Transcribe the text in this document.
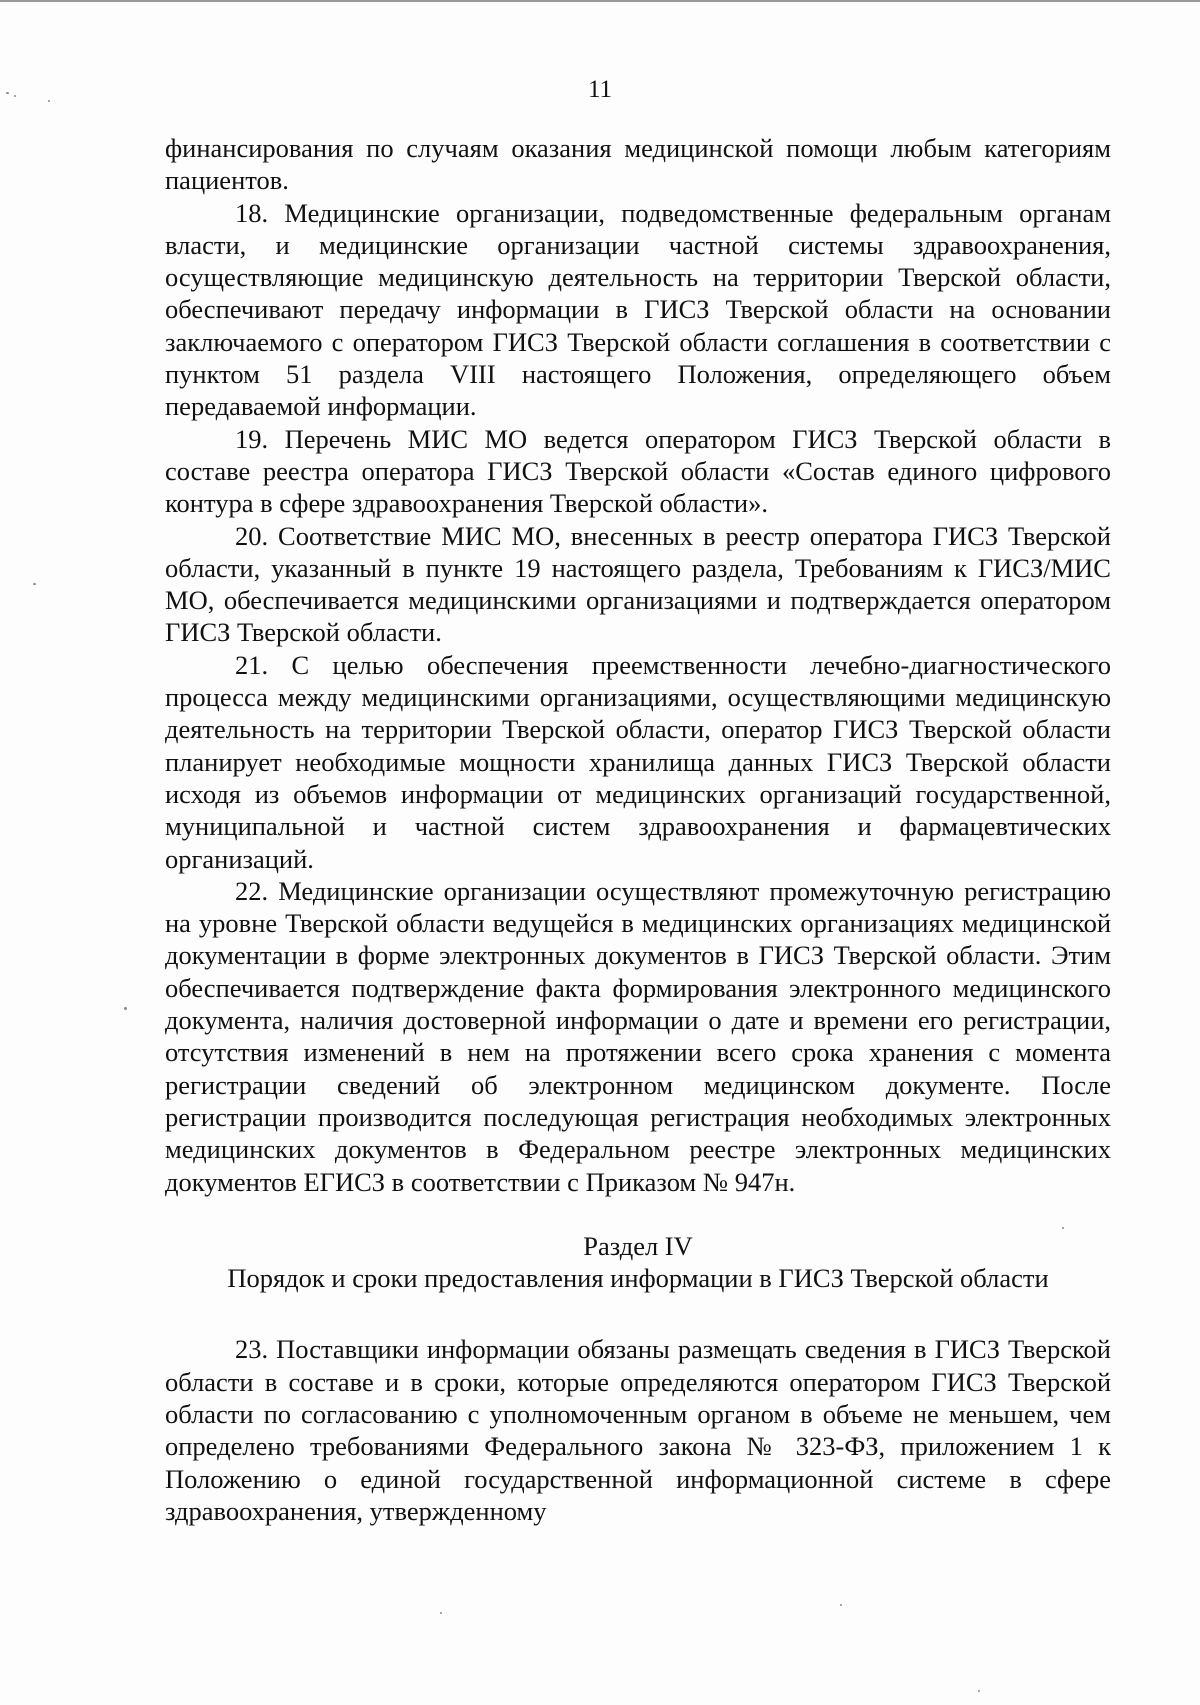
11

финансирования по случаям оказания медицинской помощи любым категориям пациентов.

18. Медицинские организации, подведомственные федеральным органам власти, и медицинские организации частной системы здравоохранения, осуществляющие медицинскую деятельность на территории Тверской области, обеспечивают передачу информации в ГИСЗ Тверской области на основании заключаемого с оператором ГИСЗ Тверской области соглашения в соответствии с пунктом 51 раздела VIII настоящего Положения, определяющего объем передаваемой информации.

19. Перечень МИС МО ведется оператором ГИСЗ Тверской области в составе реестра оператора ГИСЗ Тверской области «Состав единого цифрового контура в сфере здравоохранения Тверской области».

20. Соответствие МИС МО, внесенных в реестр оператора ГИСЗ Тверской области, указанный в пункте 19 настоящего раздела, Требованиям к ГИСЗ/МИС МО, обеспечивается медицинскими организациями и подтверждается оператором ГИСЗ Тверской области.

21. С целью обеспечения преемственности лечебно-диагностического процесса между медицинскими организациями, осуществляющими медицинскую деятельность на территории Тверской области, оператор ГИСЗ Тверской области планирует необходимые мощности хранилища данных ГИСЗ Тверской области исходя из объемов информации от медицинских организаций государственной, муниципальной и частной систем здравоохранения и фармацевтических организаций.

22. Медицинские организации осуществляют промежуточную регистрацию на уровне Тверской области ведущейся в медицинских организациях медицинской документации в форме электронных документов в ГИСЗ Тверской области. Этим обеспечивается подтверждение факта формирования электронного медицинского документа, наличия достоверной информации о дате и времени его регистрации, отсутствия изменений в нем на протяжении всего срока хранения с момента регистрации сведений об электронном медицинском документе. После регистрации производится последующая регистрация необходимых электронных медицинских документов в Федеральном реестре электронных медицинских документов ЕГИСЗ в соответствии с Приказом № 947н.

Раздел IV

Порядок и сроки предоставления информации в ГИСЗ Тверской области

23. Поставщики информации обязаны размещать сведения в ГИСЗ Тверской области в составе и в сроки, которые определяются оператором ГИСЗ Тверской области по согласованию с уполномоченным органом в объеме не меньшем, чем определено требованиями Федерального закона № 323-ФЗ, приложением 1 к Положению о единой государственной информационной системе в сфере здравоохранения, утвержденному
